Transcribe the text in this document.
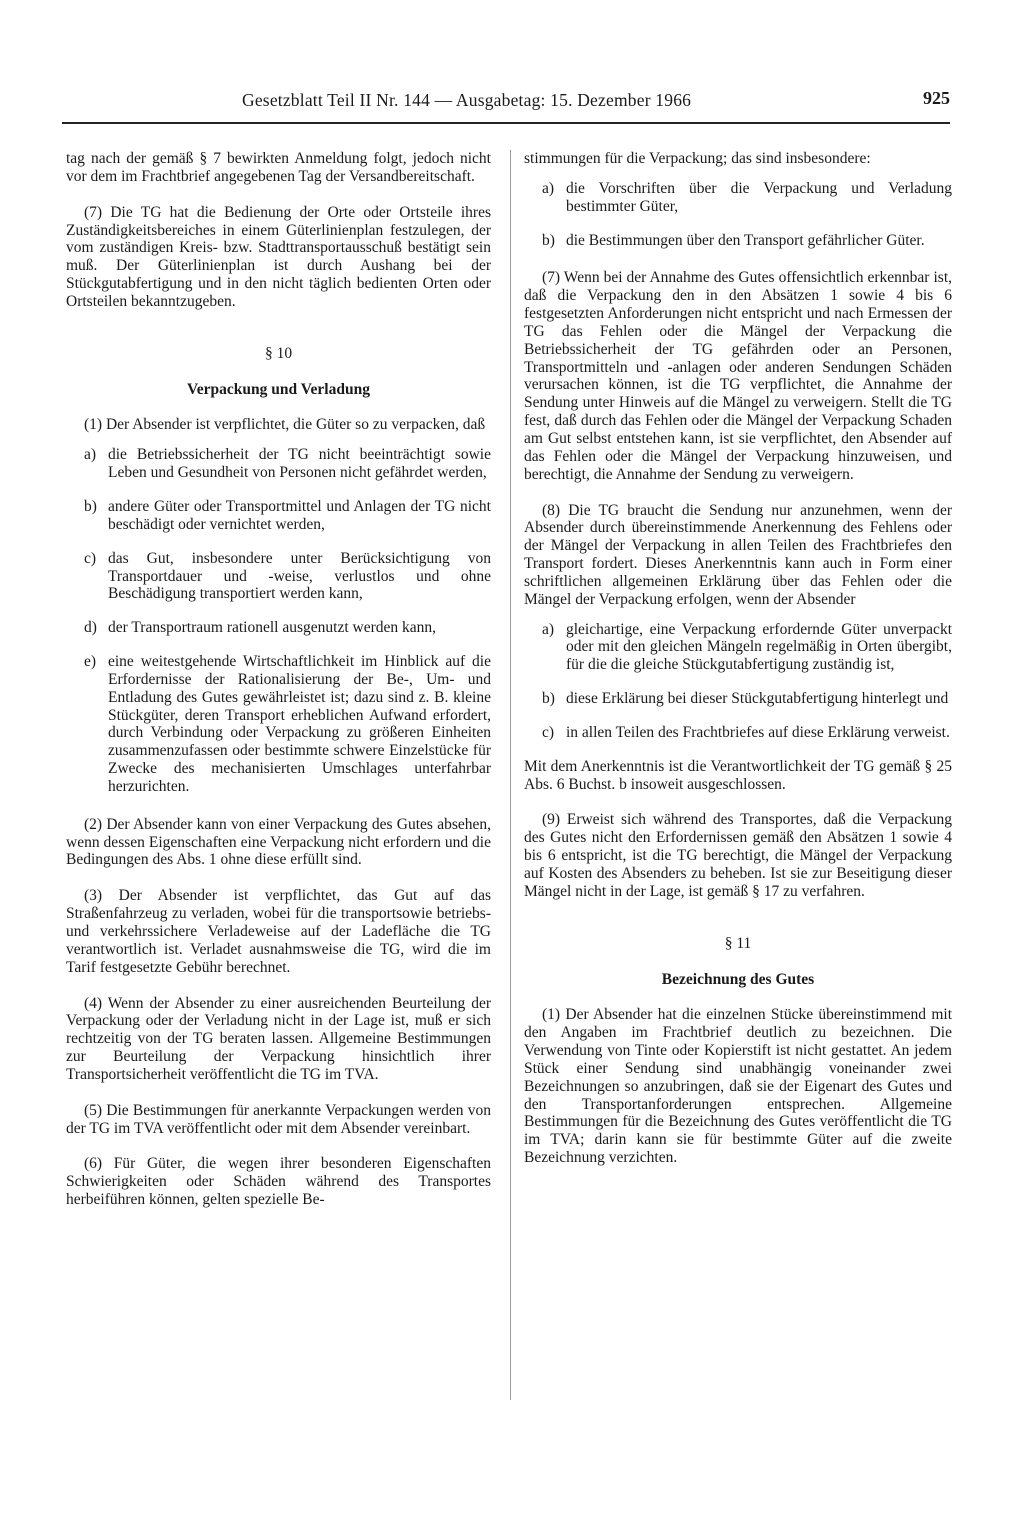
Gesetzblatt Teil II Nr. 144 — Ausgabetag: 15. Dezember 1966	925

tag nach der gemäß § 7 bewirkten Anmeldung folgt, jedoch nicht vor dem im Frachtbrief angegebenen Tag der Versandbereitschaft.

(7) Die TG hat die Bedienung der Orte oder Ortsteile ihres Zuständigkeitsbereiches in einem Güterlinienplan festzulegen, der vom zuständigen Kreis- bzw. Stadttransportausschuß bestätigt sein muß. Der Güterlinienplan ist durch Aushang bei der Stückgutabfertigung und in den nicht täglich bedienten Orten oder Ortsteilen bekanntzugeben.

§ 10

Verpackung und Verladung

(1) Der Absender ist verpflichtet, die Güter so zu verpacken, daß

a) die Betriebssicherheit der TG nicht beeinträchtigt sowie Leben und Gesundheit von Personen nicht gefährdet werden,
b) andere Güter oder Transportmittel und Anlagen der TG nicht beschädigt oder vernichtet werden,
c) das Gut, insbesondere unter Berücksichtigung von Transportdauer und -weise, verlustlos und ohne Beschädigung transportiert werden kann,
d) der Transportraum rationell ausgenutzt werden kann,
e) eine weitestgehende Wirtschaftlichkeit im Hinblick auf die Erfordernisse der Rationalisierung der Be-, Um- und Entladung des Gutes gewährleistet ist; dazu sind z. B. kleine Stückgüter, deren Transport erheblichen Aufwand erfordert, durch Verbindung oder Verpackung zu größeren Einheiten zusammenzufassen oder bestimmte schwere Einzelstücke für Zwecke des mechanisierten Umschlages unterfahrbar herzurichten.

(2) Der Absender kann von einer Verpackung des Gutes absehen, wenn dessen Eigenschaften eine Verpackung nicht erfordern und die Bedingungen des Abs. 1 ohne diese erfüllt sind.

(3) Der Absender ist verpflichtet, das Gut auf das Straßenfahrzeug zu verladen, wobei für die transportsowie betriebs- und verkehrssichere Verladeweise auf der Ladefläche die TG verantwortlich ist. Verladet ausnahmsweise die TG, wird die im Tarif festgesetzte Gebühr berechnet.

(4) Wenn der Absender zu einer ausreichenden Beurteilung der Verpackung oder der Verladung nicht in der Lage ist, muß er sich rechtzeitig von der TG beraten lassen. Allgemeine Bestimmungen zur Beurteilung der Verpackung hinsichtlich ihrer Transportsicherheit veröffentlicht die TG im TVA.

(5) Die Bestimmungen für anerkannte Verpackungen werden von der TG im TVA veröffentlicht oder mit dem Absender vereinbart.

(6) Für Güter, die wegen ihrer besonderen Eigenschaften Schwierigkeiten oder Schäden während des Transportes herbeiführen können, gelten spezielle Be-

stimmungen für die Verpackung; das sind insbesondere:

a) die Vorschriften über die Verpackung und Verladung bestimmter Güter,
b) die Bestimmungen über den Transport gefährlicher Güter.

(7) Wenn bei der Annahme des Gutes offensichtlich erkennbar ist, daß die Verpackung den in den Absätzen 1 sowie 4 bis 6 festgesetzten Anforderungen nicht entspricht und nach Ermessen der TG das Fehlen oder die Mängel der Verpackung die Betriebssicherheit der TG gefährden oder an Personen, Transportmitteln und -anlagen oder anderen Sendungen Schäden verursachen können, ist die TG verpflichtet, die Annahme der Sendung unter Hinweis auf die Mängel zu verweigern. Stellt die TG fest, daß durch das Fehlen oder die Mängel der Verpackung Schaden am Gut selbst entstehen kann, ist sie verpflichtet, den Absender auf das Fehlen oder die Mängel der Verpackung hinzuweisen, und berechtigt, die Annahme der Sendung zu verweigern.

(8) Die TG braucht die Sendung nur anzunehmen, wenn der Absender durch übereinstimmende Anerkennung des Fehlens oder der Mängel der Verpackung in allen Teilen des Frachtbriefes den Transport fordert. Dieses Anerkenntnis kann auch in Form einer schriftlichen allgemeinen Erklärung über das Fehlen oder die Mängel der Verpackung erfolgen, wenn der Absender

a) gleichartige, eine Verpackung erfordernde Güter unverpackt oder mit den gleichen Mängeln regelmäßig in Orten übergibt, für die die gleiche Stückgutabfertigung zuständig ist,
b) diese Erklärung bei dieser Stückgutabfertigung hinterlegt und
c) in allen Teilen des Frachtbriefes auf diese Erklärung verweist.

Mit dem Anerkenntnis ist die Verantwortlichkeit der TG gemäß § 25 Abs. 6 Buchst. b insoweit ausgeschlossen.

(9) Erweist sich während des Transportes, daß die Verpackung des Gutes nicht den Erfordernissen gemäß den Absätzen 1 sowie 4 bis 6 entspricht, ist die TG berechtigt, die Mängel der Verpackung auf Kosten des Absenders zu beheben. Ist sie zur Beseitigung dieser Mängel nicht in der Lage, ist gemäß § 17 zu verfahren.

§ 11

Bezeichnung des Gutes

(1) Der Absender hat die einzelnen Stücke übereinstimmend mit den Angaben im Frachtbrief deutlich zu bezeichnen. Die Verwendung von Tinte oder Kopierstift ist nicht gestattet. An jedem Stück einer Sendung sind unabhängig voneinander zwei Bezeichnungen so anzubringen, daß sie der Eigenart des Gutes und den Transportanforderungen entsprechen. Allgemeine Bestimmungen für die Bezeichnung des Gutes veröffentlicht die TG im TVA; darin kann sie für bestimmte Güter auf die zweite Bezeichnung verzichten.
